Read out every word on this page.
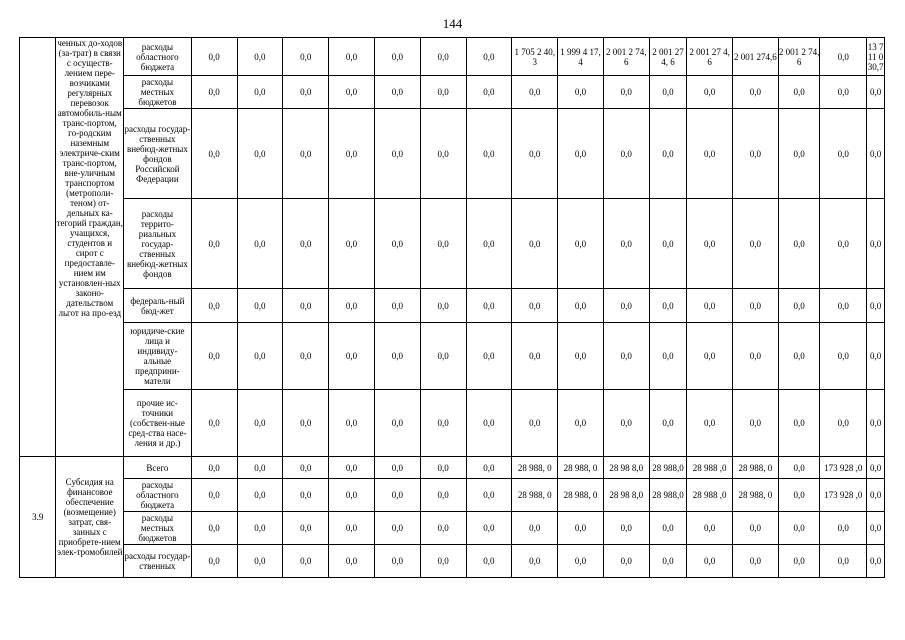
144
	ченных до-ходов (за-трат) в связи с осуществ-лением пере-возчиками регулярных перевозок автомобиль-ным транс-портом, го-родским наземным электриче-ским транс-портом, вне-уличным транспортом (метрополи-теном) от-дельных ка-тегорий граждан, учащихся, студентов и сирот с предоставле-нием им установлен-ных законо-дательством льгот на про-езд	расходы областного бюджета	0,0	0,0	0,0	0,0	0,0	0,0	0,0	1 705 2 40,3	1 999 4 17,4	2 001 2 74,6	2 001 274, 6	2 001 27 4,6	2 001 274,6	2 001 2 74,6	0,0	13 711 030,7
		расходы местных бюджетов	0,0	0,0	0,0	0,0	0,0	0,0	0,0	0,0	0,0	0,0	0,0	0,0	0,0	0,0	0,0	0,0
		расходы государ-ственных внебюд-жетных фондов Российской Федерации	0,0	0,0	0,0	0,0	0,0	0,0	0,0	0,0	0,0	0,0	0,0	0,0	0,0	0,0	0,0	0,0
		расходы террито-риальных государ-ственных внебюд-жетных фондов	0,0	0,0	0,0	0,0	0,0	0,0	0,0	0,0	0,0	0,0	0,0	0,0	0,0	0,0	0,0	0,0
		федераль-ный бюд-жет	0,0	0,0	0,0	0,0	0,0	0,0	0,0	0,0	0,0	0,0	0,0	0,0	0,0	0,0	0,0	0,0
		юридиче-ские лица и индивиду-альные предприни-матели	0,0	0,0	0,0	0,0	0,0	0,0	0,0	0,0	0,0	0,0	0,0	0,0	0,0	0,0	0,0	0,0
		прочие ис-точники (собствен-ные сред-ства насе-ления и др.)	0,0	0,0	0,0	0,0	0,0	0,0	0,0	0,0	0,0	0,0	0,0	0,0	0,0	0,0	0,0	0,0
3.9	Субсидия на финансовое обеспечение (возмещение) затрат, свя-занных с приобрете-нием элек-тромобилей	Всего	0,0	0,0	0,0	0,0	0,0	0,0	0,0	28 988, 0	28 988, 0	28 98 8,0	28 988,0	28 988 ,0	28 988, 0	0,0	173 928 ,0	0,0
		расходы областного бюджета	0,0	0,0	0,0	0,0	0,0	0,0	0,0	28 988, 0	28 988, 0	28 98 8,0	28 988,0	28 988 ,0	28 988, 0	0,0	173 928 ,0	0,0
		расходы местных бюджетов	0,0	0,0	0,0	0,0	0,0	0,0	0,0	0,0	0,0	0,0	0,0	0,0	0,0	0,0	0,0	0,0
		расходы государ-ственных	0,0	0,0	0,0	0,0	0,0	0,0	0,0	0,0	0,0	0,0	0,0	0,0	0,0	0,0	0,0	0,0
